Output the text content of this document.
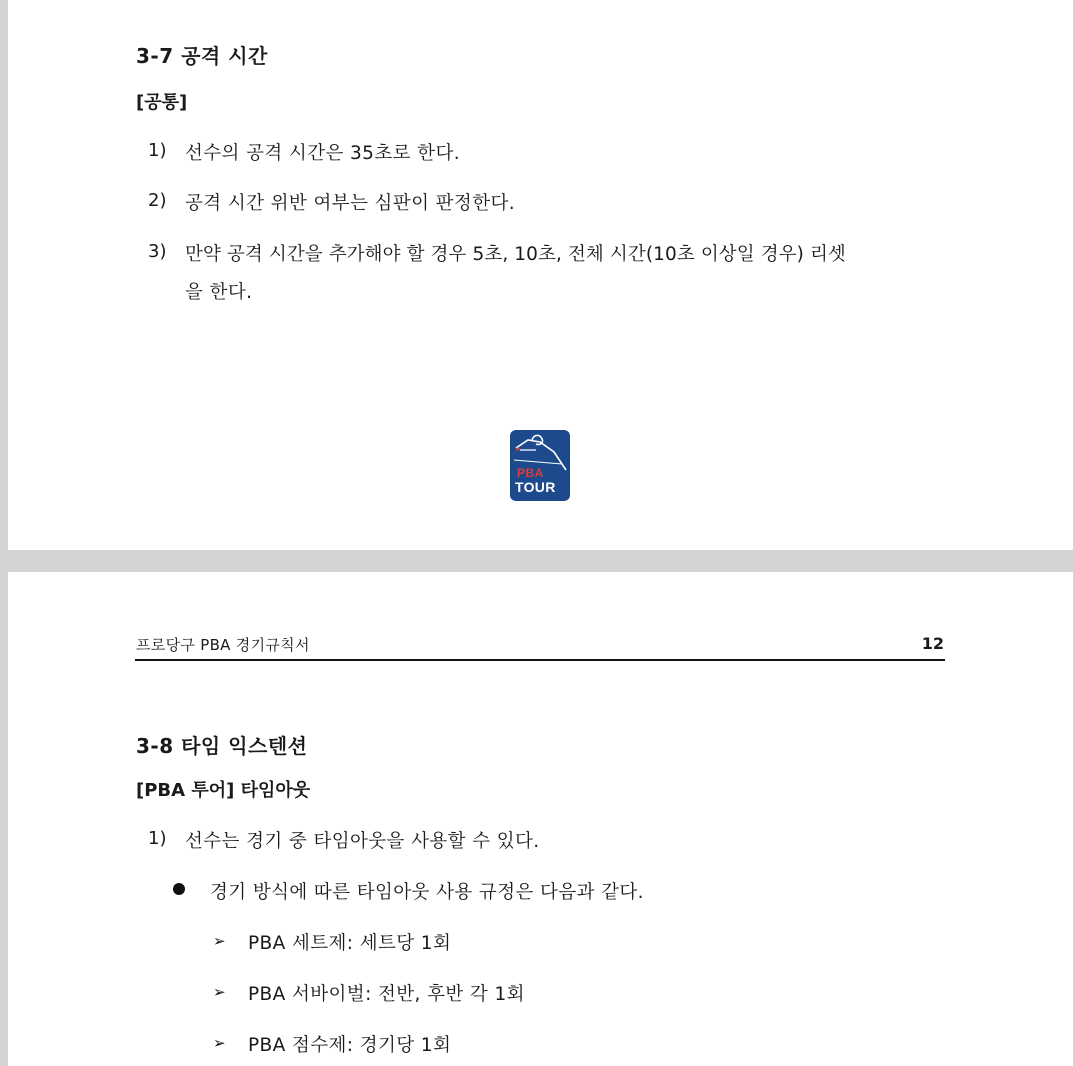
3-7 공격 시간
[공통]
1) 선수의 공격 시간은 35초로 한다.
2) 공격 시간 위반 여부는 심판이 판정한다.
3) 만약 공격 시간을 추가해야 할 경우 5초, 10초, 전체 시간(10초 이상일 경우) 리셋
을 한다.
PBA
TOUR
프로당구 PBA 경기규칙서	12
3-8 타임 익스텐션
[PBA 투어] 타임아웃
1) 선수는 경기 중 타임아웃을 사용할 수 있다.
경기 방식에 따른 타임아웃 사용 규정은 다음과 같다.
➢ PBA 세트제: 세트당 1회
➢ PBA 서바이벌: 전반, 후반 각 1회
➢ PBA 점수제: 경기당 1회
